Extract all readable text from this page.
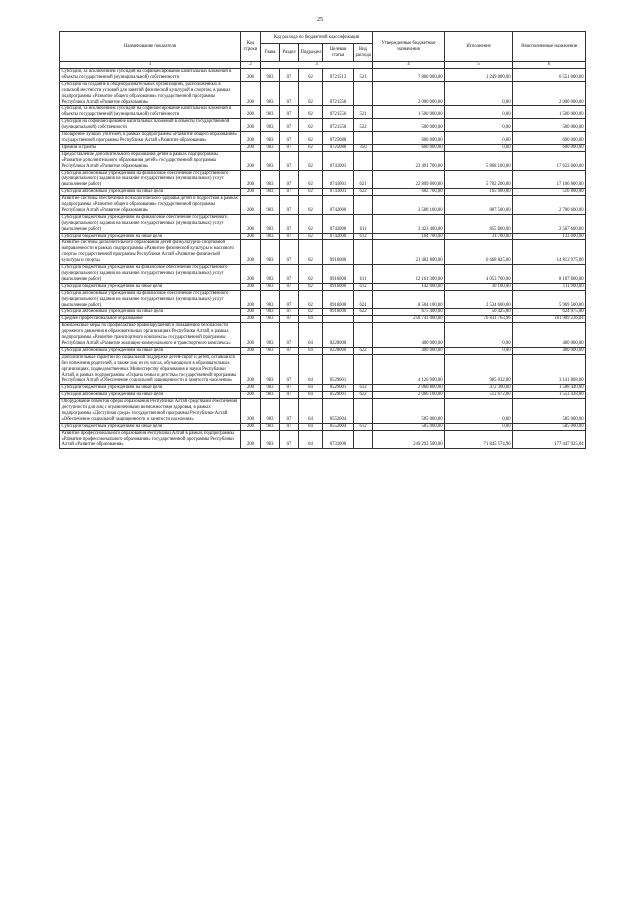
25
Наименование показателя	Код строки	Код расхода по бюджетной классификации					Утвержденные бюджетные назначения	Исполнение	Неисполненные назначения
		Глава	Раздел	Подраздел	Целевая статья	Вид расхода			
1	2	3					4	5	6
Субсидии, за исключением субсидий на софинансирование капитальных вложений в объекты государственной (муниципальной) собственности	200	903	07	02	0721513	521	7 800 000,00	1 249 000,00	6 551 000,00
Субсидии на создание в общеобразовательных организациях, расположенных в сельской местности условий для занятий физической культурой и спортом, в рамках подпрограммы «Развитие общего образования» государственной программы Республики Алтай «Развитие образования»	200	903	07	02	0721556		2 000 000,00	0,00	2 000 000,00
Субсидии, за исключением субсидий на софинансирование капитальных вложений в объекты государственной (муниципальной) собственности	200	903	07	02	0721556	521	1 500 000,00	0,00	1 500 000,00
Субсидии на софинансирование капитальных вложений в объекты государственной (муниципальной) собственности	200	903	07	02	0721556	522	500 000,00	0,00	500 000,00
Поощрение лучших учителей, в рамках подпрограммы «Развитие общего образования» государственной программы Республики Алтай «Развитие образования»	200	903	07	02	0725088		600 000,00	0,00	600 000,00
Премии и гранты	200	903	07	02	0725088	350	600 000,00	0,00	600 000,00
Предоставление дополнительного образования детям в рамках подпрограммы «Развитие дополнительного образования детей» государственной программы Республики Алтай «Развитие образования»	200	903	07	02	0741001		23 491 700,00	5 868 100,00	17 623 600,00
Субсидии автономным учреждениям на финансовое обеспечение государственного (муниципального) задания на оказание государственных (муниципальных) услуг (выполнение работ)	200	903	07	02	0741001	621	22 809 000,00	5 702 200,00	17 106 800,00
Субсидии автономным учреждениям на иные цели	200	903	07	02	0741001	622	682 700,00	165 900,00	516 800,00
Развитие системы обеспечения психологического здоровья детей и подростков в рамках подпрограммы «Развитие общего образования» государственной программы Республики Алтай «Развитие образования»	200	903	07	02	0742000		3 588 100,00	887 500,00	2 700 600,00
Субсидии бюджетным учреждениям на финансовое обеспечение государственного (муниципального) задания на оказание государственных (муниципальных) услуг (выполнение работ)	200	903	07	02	0742000	611	3 423 400,00	855 800,00	2 567 600,00
Субсидии бюджетным учреждениям на иные цели	200	903	07	02	0742000	612	164 700,00	31 700,00	133 000,00
Развитие системы дополнительного образования детей физкультурно-спортивной направленности в рамках подпрограммы «Развитие физической культуры и массового спорта» государственной программы Республики Алтай «Развитие физической культуры и спорта»	200	903	07	02	0916000		21 482 800,00	6 668 825,00	14 813 975,00
Субсидии бюджетным учреждениям на финансовое обеспечение государственного (муниципального) задания на оказание государственных (муниципальных) услуг (выполнение работ)	200	903	07	02	0916000	611	12 161 300,00	4 053 700,00	8 107 600,00
Субсидии бюджетным учреждениям на иные цели	200	903	07	02	0916000	612	142 000,00	30 100,00	111 900,00
Субсидии автономным учреждениям на финансовое обеспечение государственного (муниципального) задания на оказание государственных (муниципальных) услуг (выполнение работ)	200	903	07	02	0916000	621	8 504 100,00	2 534 600,00	5 969 500,00
Субсидии автономным учреждениям на иные цели	200	903	07	02	0916000	622	675 400,00	50 425,00	624 975,00
Среднее профессиональное образование	200	903	07	04			258 741 000,00	76 831 763,96	181 909 236,04
Комплексные меры по профилактике правонарушений и повышению безопасности дорожного движения в образовательных организациях Республики Алтай, в рамках подпрограммы «Развитие транспортного комплекса» государственной программы Республики Алтай «Развитие жилищно-коммунального и транспортного комплекса»	200	903	07	04	0228000		400 000,00	0,00	400 000,00
Субсидии автономным учреждениям на иные цели	200	903	07	04	0228000	622	400 000,00	0,00	400 000,00
Дополнительные гарантии по социальной поддержке детей-сирот и детей, оставшихся без попечения родителей, а также лиц из их числа, обучающихся в образовательных организациях, подведомственных Министерству образования и науки Республики Алтай, в рамках подпрограммы «Охрана семьи и детства» государственной программы Республики Алтай «Обеспечение социальной защищенности и занятости населения»	200	903	07	04	0529001		4 126 900,00	985 032,00	3 141 868,00
Субсидии бюджетным учреждениям на иные цели	200	903	07	04	0529001	612	2 060 800,00	472 360,00	1 588 440,00
Субсидии автономным учреждениям на иные цели	200	903	07	04	0529001	622	2 066 100,00	512 672,00	1 553 428,00
Оборудование объектов сферы образования Республики Алтай средствами обеспечения доступности для лиц с ограниченными возможностями здоровья, в рамках подпрограммы «Доступная среда» государственной программы Республики Алтай «Обеспечение социальной защищенности и занятости населения»	200	903	07	04	0552004		585 000,00	0,00	585 000,00
Субсидии бюджетным учреждениям на иные цели	200	903	07	04	0552004	612	585 000,00	0,00	585 000,00
Развитие профессионального образования Республики Алтай в рамках подпрограммы «Развитие профессионального образования» государственной программы Республики Алтай «Развитие образования»	200	903	07	04	0731000		249 293 500,00	71 845 574,96	177 447 925,04
